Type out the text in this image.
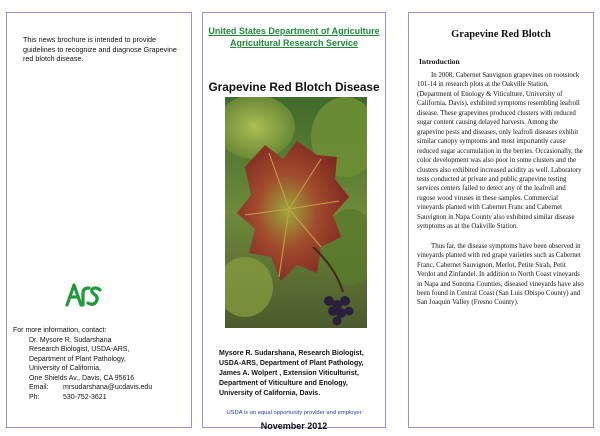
This news brochure is intended to provide guidelines to recognize and diagnose Grapevine red blotch disease.
For more information, contact:
Dr. Mysore R. Sudarshana
Research Biologist, USDA-ARS,
Department of Plant Pathology,
University of California,
One Shields Av., Davis, CA 95616
Email:	mrsudarshana@ucdavis.edu
Ph:	530-752-3621
United States Department of Agriculture
Agricultural Research Service
Grapevine Red Blotch Disease
Mysore R. Sudarshana, Research Biologist, USDA-ARS, Department of Plant Pathology, James A. Wolpert , Extension Viticulturist, Department of Viticulture and Enology, University of California, Davis.
USDA is an equal opportunity provider and employer
November 2012
Grapevine Red Blotch
Introduction

In 2008, Cabernet Sauvignon grapevines on rootstock 101-14 in research plots at the Oakville Station, (Department of Enology & Viticulture, University of California, Davis), exhibited symptoms resembling leafroll disease. These grapevines produced clusters with reduced sugar content causing delayed harvests. Among the grapevine pests and diseases, only leafroll diseases exhibit similar canopy symptoms and most importantly cause reduced sugar accumulation in the berries. Occasionally, the color development was also poor in some clusters and the clusters also exhibited increased acidity as well. Laboratory tests conducted at private and public grapevine testing services centers failed to detect any of the leafroll and rugose wood viruses in these samples. Commercial vineyards planted with Cabernet Franc and Cabernet Sauvignon in Napa County also exhibited similar disease symptoms as at the Oakville Station.

Thus far, the disease symptoms have been observed in vineyards planted with red grape varieties such as Cabernet Franc, Cabernet Sauvignon, Merlot, Petite Sirah, Petit Verdot and Zinfandel. In addition to North Coast vineyards in Napa and Sonoma Counties, diseased vineyards have also been found in Central Coast (San Luis Obispo County) and San Joaquin Valley (Fresno County).
